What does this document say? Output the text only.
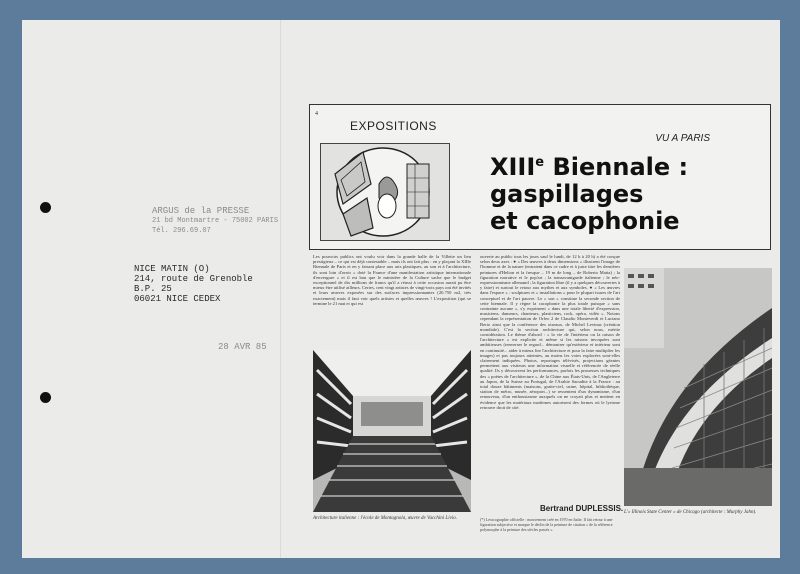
ARGUS de la PRESSE
21 bd Montmartre - 75002 PARIS
Tél. 296.69.07
NICE MATIN (O)
214, route de Grenoble
B.P. 25
06021 NICE CEDEX
28 AVR 85
4
EXPOSITIONS
VU A PARIS
XIIIe Biennale :
gaspillages
et cacophonie
Les pouvoirs publics ont voulu voir dans la grande halle de la Villette un lieu prestigieux – ce qui est déjà contestable – mais ils ont fait plus : en y plaçant la XIIIe Biennale de Paris et en y faisant place aux arts plastiques, au son et à l'architecture, ils sont loin d'avoir « doté la France d'une manifestation artistique internationale d'envergure » et il est bon que le ministère de la Culture sache que le budget exceptionnel de dix millions de francs qu'il a réussi à cette occasion aurait pu être mieux être utilisé ailleurs. Certes, cent vingt artistes de vingt-trois pays ont été invités et leurs œuvres exposées sur des surfaces impressionnantes (20.750 m2, très exactement) mais il faut voir quels artistes et quelles œuvres ! L'exposition (qui se termine le 21 mai et qui est
Architecture italienne : l'école de Montagnola, œuvre de Vacchini Livio.
ouverte au public tous les jours sauf le lundi, de 12 h à 20 h) a été conçue selon deux axes : ● « Des œuvres à deux dimensions » illustrent l'image de l'homme et de la nature (entraient dans ce cadre et à juste titre les dernières peintures d'Helion et la fresque – 19 m de long – de Roberto Matta) ; la figuration narrative et le pop'art ; la transavantgarde italienne ; le néo-expressionnisme allemand ; la figuration libre (il y a quelques découvertes à y faire) et surtout le retour aux mythes et aux symboles. ● « Les œuvres dans l'espace » : sculptures et « installations » pour le plupart issues de l'art conceptuel et de l'art pauvre. Le « son » constitue la seconde section de cette biennale. Il y règne la cacophonie la plus totale puisque « sans contrainte aucune », s'y expriment « dans une totale liberté d'expression, musiciens, danseurs, chanteurs, plasticiens, rock, opéra, vidéo ». Notons cependant la représentation de Orfeo 2 de Claudio Monteverdi et Luciano Berio ainsi que la conférence des oiseaux, de Michel Levinas (création mondiale). C'est la section architecture qui, selon nous, mérite considération. Le thème d'abord : « la vie de l'intérieur ou la raison de l'architecture » est explicite et même si les raisons invoquées sont ambitieuses (renverser le regard... démontrer qu'extérieur et intérieur sont en continuité... aider à mieux lire l'architecture et pour la faire multiplier les images) et pas toujours atteintes, au moins les voies explorées sont-elles clairement indiquées. Photos, reportages télévisés, projections géantes permettent aux visiteurs une information visuelle et référencée de réelle qualité. Ils y découvrent les performances, parfois les prouesses techniques des « poètes de l'architecture », de la Chine aux États-Unis, de l'Angleterre au Japon, de la Suisse au Portugal, de l'Arabie Saoudite à la France : au total douze bâtiments (maisons, gratte-ciel, usine, hôpital, bibliothèque, station de métro, musée, aéroport...) se ressentent d'un dynamisme, d'un renouveau, d'un enthousiasme auxquels on ne croyait plus et mettent en évidence que les matériaux modernes autorisent des formes où le lyrisme retrouve droit de cité.
Bertrand DUPLESSIS.
(*) Lexicographie officielle : mouvement créé en 1970 en Italie. Il fait retour à une figuration subjective et marque le déclin de la peinture de citation « de la référence polymorphe à la peinture des siècles passés ».
L'« Illinois State Center » de Chicago (architecte : Murphy Jahn).
